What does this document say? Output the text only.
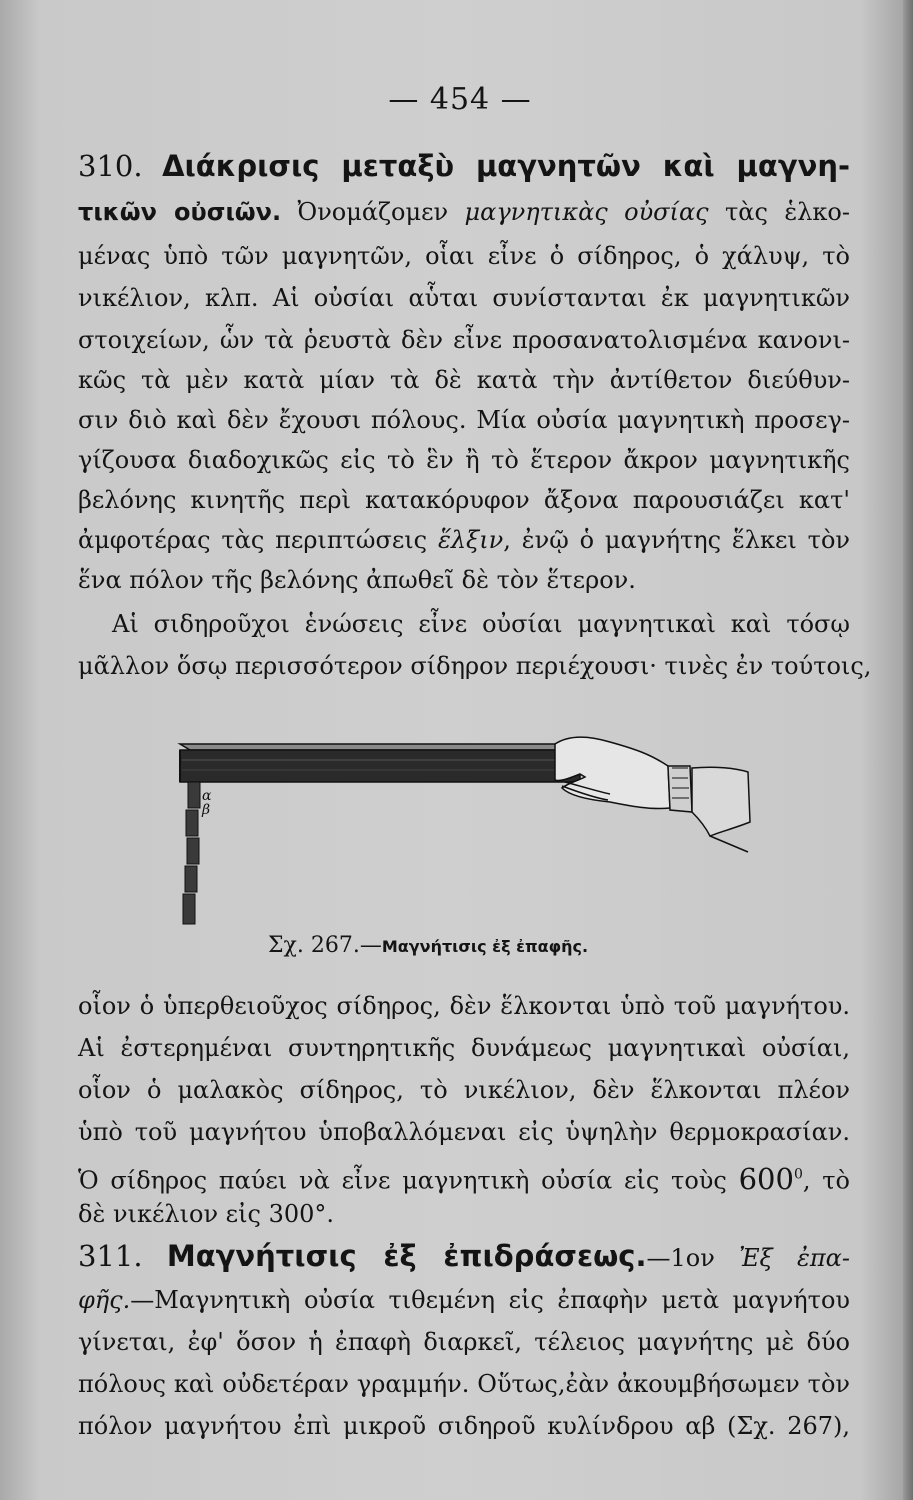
— 454 —
310. Διάκρισις μεταξὺ μαγνητῶν καὶ μαγνη-
τικῶν οὐσιῶν. Ὀνομάζομεν μαγνητικὰς οὐσίας τὰς ἑλκο-
μένας ὑπὸ τῶν μαγνητῶν, οἷαι εἶνε ὁ σίδηρος, ὁ χάλυψ, τὸ
νικέλιον, κλπ. Αἱ οὐσίαι αὗται συνίστανται ἐκ μαγνητικῶν
στοιχείων, ὧν τὰ ῥευστὰ δὲν εἶνε προσανατολισμένα κανονι-
κῶς τὰ μὲν κατὰ μίαν τὰ δὲ κατὰ τὴν ἀντίθετον διεύθυν-
σιν διὸ καὶ δὲν ἔχουσι πόλους. Μία οὐσία μαγνητικὴ προσεγ-
γίζουσα διαδοχικῶς εἰς τὸ ἓν ἢ τὸ ἕτερον ἄκρον μαγνητικῆς
βελόνης κινητῆς περὶ κατακόρυφον ἄξονα παρουσιάζει κατ'
ἀμφοτέρας τὰς περιπτώσεις ἕλξιν, ἐνῷ ὁ μαγνήτης ἕλκει τὸν
ἕνα πόλον τῆς βελόνης ἀπωθεῖ δὲ τὸν ἕτερον.
Αἱ σιδηροῦχοι ἑνώσεις εἶνε οὐσίαι μαγνητικαὶ καὶ τόσῳ
μᾶλλον ὅσῳ περισσότερον σίδηρον περιέχουσι· τινὲς ἐν τούτοις,
α
β
Σχ. 267.—Μαγνήτισις ἐξ ἐπαφῆς.
οἷον ὁ ὑπερθειοῦχος σίδηρος, δὲν ἕλκονται ὑπὸ τοῦ μαγνήτου.
Αἱ ἐστερημέναι συντηρητικῆς δυνάμεως μαγνητικαὶ οὐσίαι,
οἷον ὁ μαλακὸς σίδηρος, τὸ νικέλιον, δὲν ἕλκονται πλέον
ὑπὸ τοῦ μαγνήτου ὑποβαλλόμεναι εἰς ὑψηλὴν θερμοκρασίαν.
Ὁ σίδηρος παύει νὰ εἶνε μαγνητικὴ οὐσία εἰς τοὺς $600^0$, τὸ
δὲ νικέλιον εἰς 300°.
311. Μαγνήτισις ἐξ ἐπιδράσεως.—1ον Ἐξ ἐπα-
φῆς.—Μαγνητικὴ οὐσία τιθεμένη εἰς ἐπαφὴν μετὰ μαγνήτου
γίνεται, ἐφ' ὅσον ἡ ἐπαφὴ διαρκεῖ, τέλειος μαγνήτης μὲ δύο
πόλους καὶ οὐδετέραν γραμμήν. Οὕτως,ἐὰν ἀκουμβήσωμεν τὸν
πόλον μαγνήτου ἐπὶ μικροῦ σιδηροῦ κυλίνδρου αβ (Σχ. 267),
